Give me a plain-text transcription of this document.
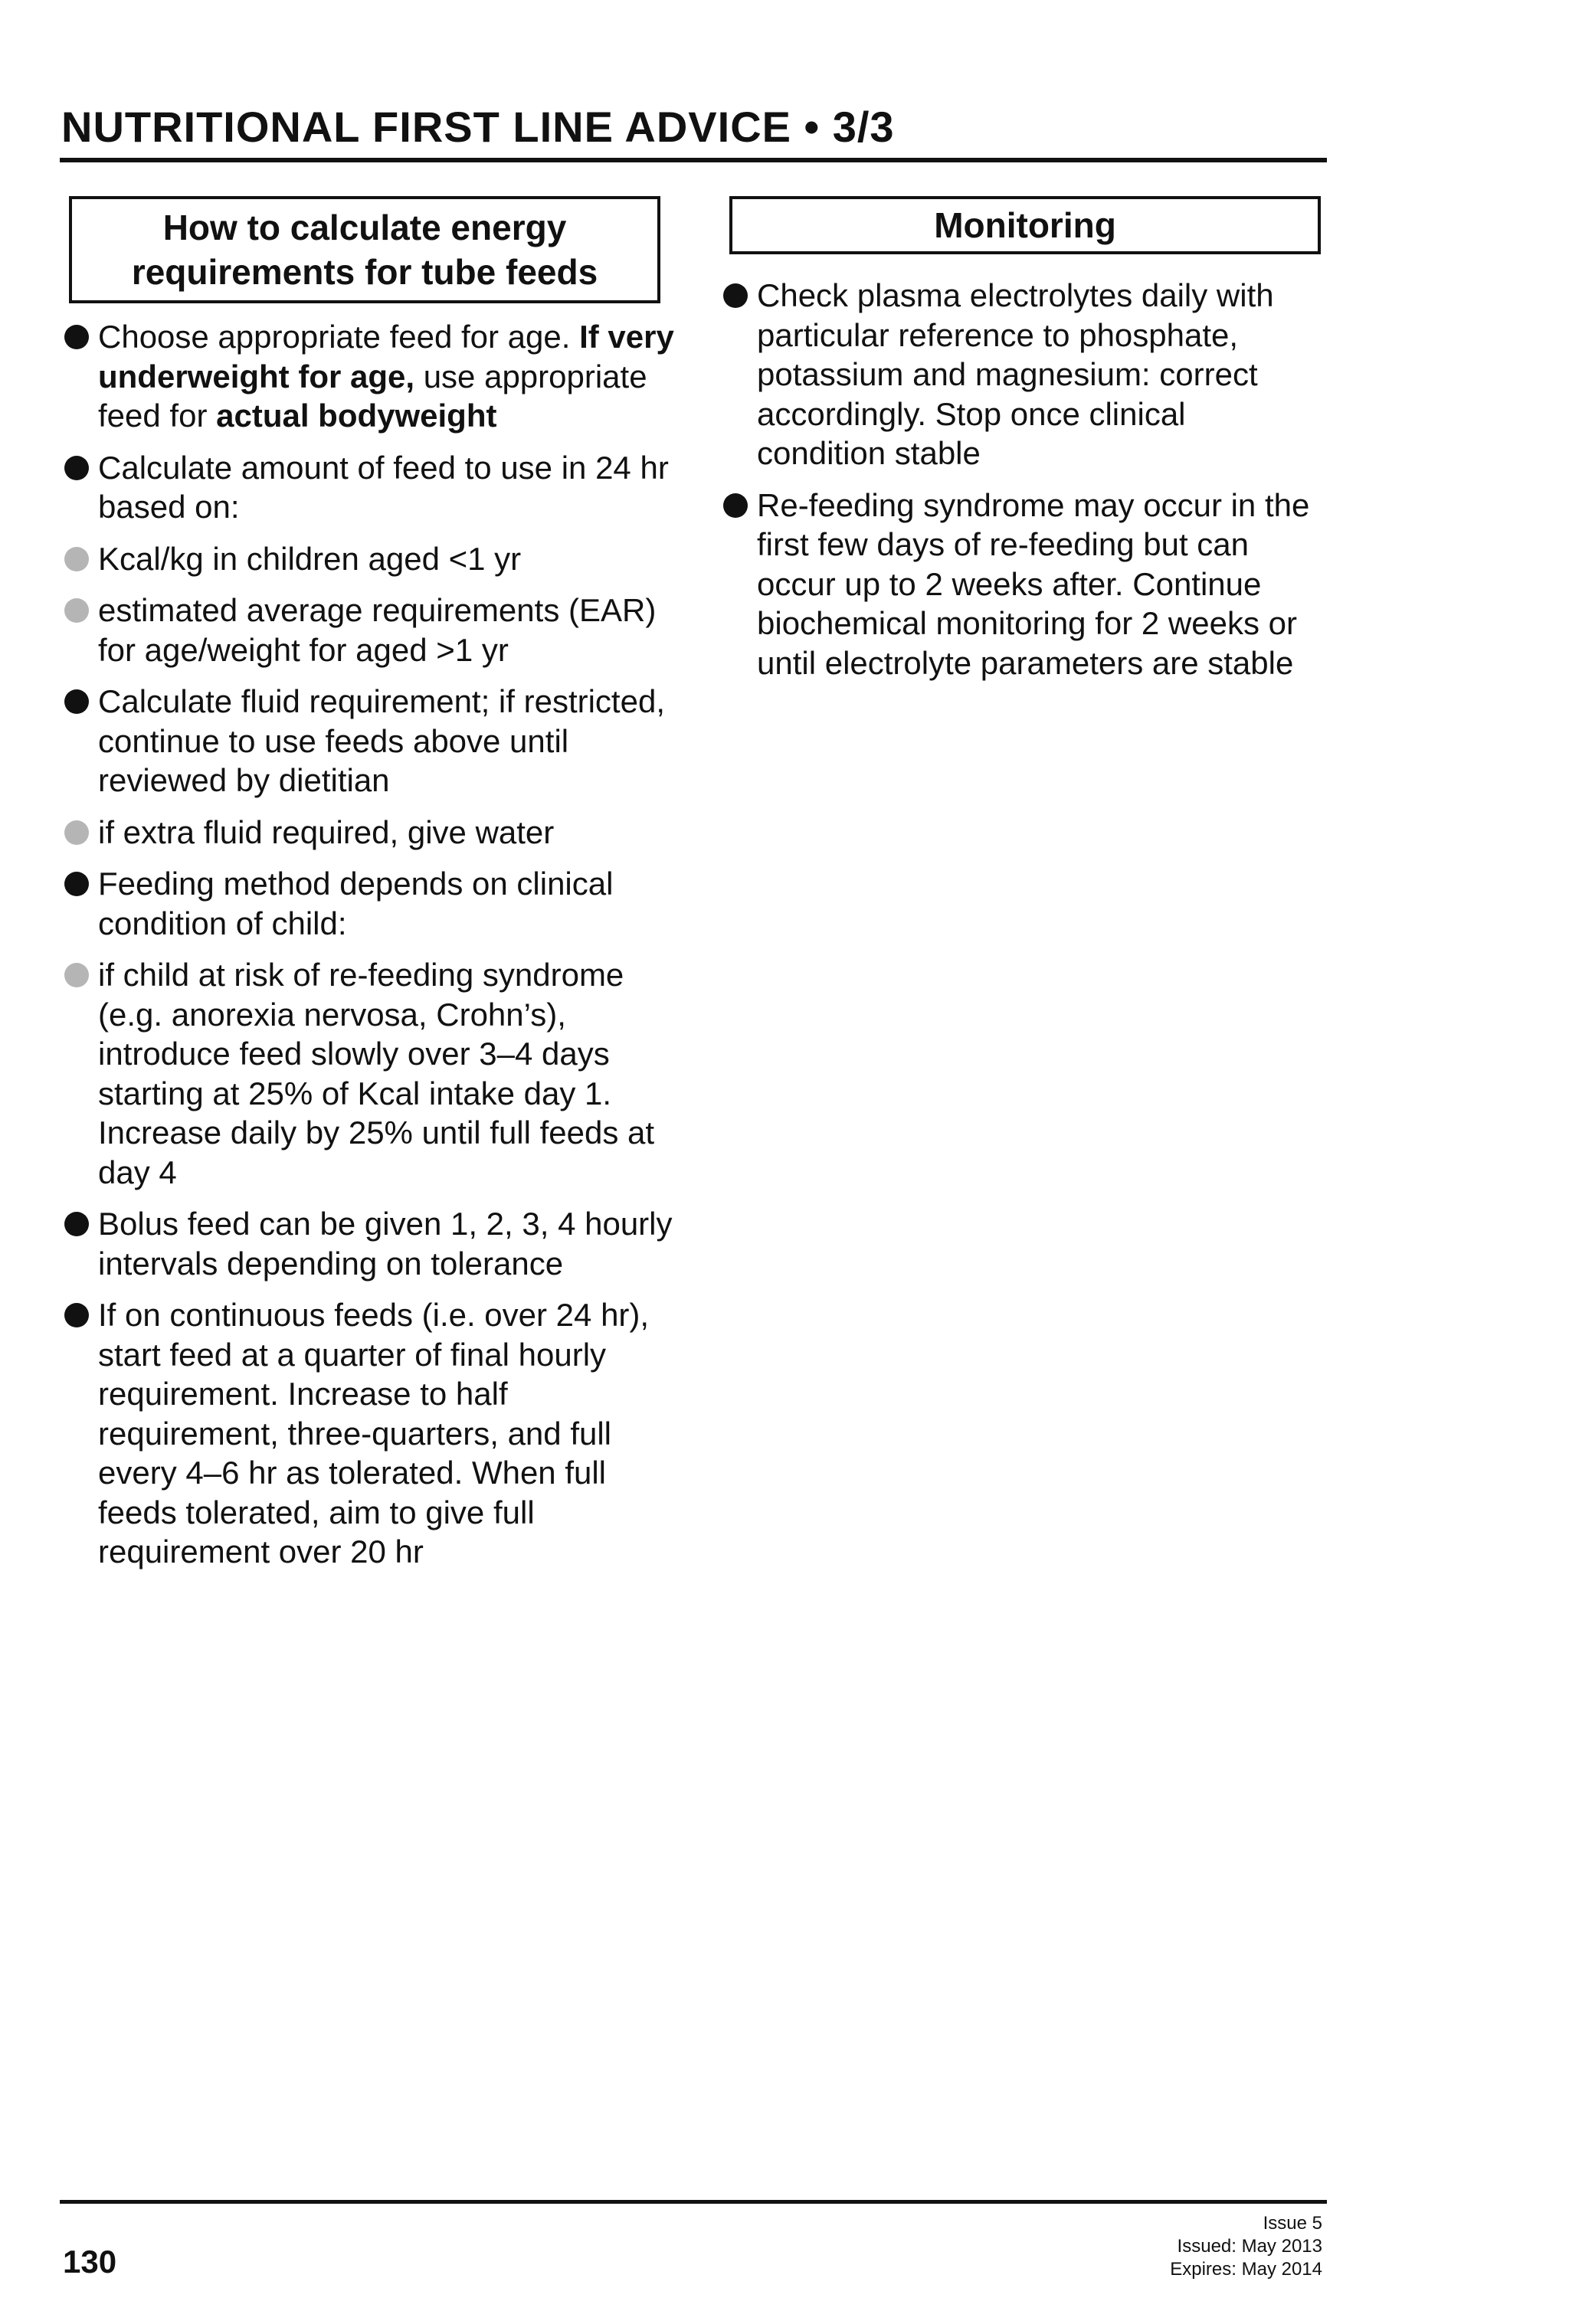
NUTRITIONAL FIRST LINE ADVICE • 3/3
How to calculate energy
requirements for tube feeds
Monitoring
Choose appropriate feed for age. If very underweight for age, use appropriate feed for actual bodyweight
Calculate amount of feed to use in 24 hr based on:
Kcal/kg in children aged <1 yr
estimated average requirements (EAR) for age/weight for aged >1 yr
Calculate fluid requirement; if restricted, continue to use feeds above until reviewed by dietitian
if extra fluid required, give water
Feeding method depends on clinical condition of child:
if child at risk of re-feeding syndrome (e.g. anorexia nervosa, Crohn’s), introduce feed slowly over 3–4 days starting at 25% of Kcal intake day 1. Increase daily by 25% until full feeds at day 4
Bolus feed can be given 1, 2, 3, 4 hourly intervals depending on tolerance
If on continuous feeds (i.e. over 24 hr), start feed at a quarter of final hourly requirement. Increase to half requirement, three-quarters, and full every 4–6 hr as tolerated. When full feeds tolerated, aim to give full requirement over 20 hr
Check plasma electrolytes daily with particular reference to phosphate, potassium and magnesium: correct accordingly. Stop once clinical condition stable
Re-feeding syndrome may occur in the first few days of re-feeding but can occur up to 2 weeks after. Continue biochemical monitoring for 2 weeks or until electrolyte parameters are stable
130
Issue 5
Issued: May 2013
Expires: May 2014
